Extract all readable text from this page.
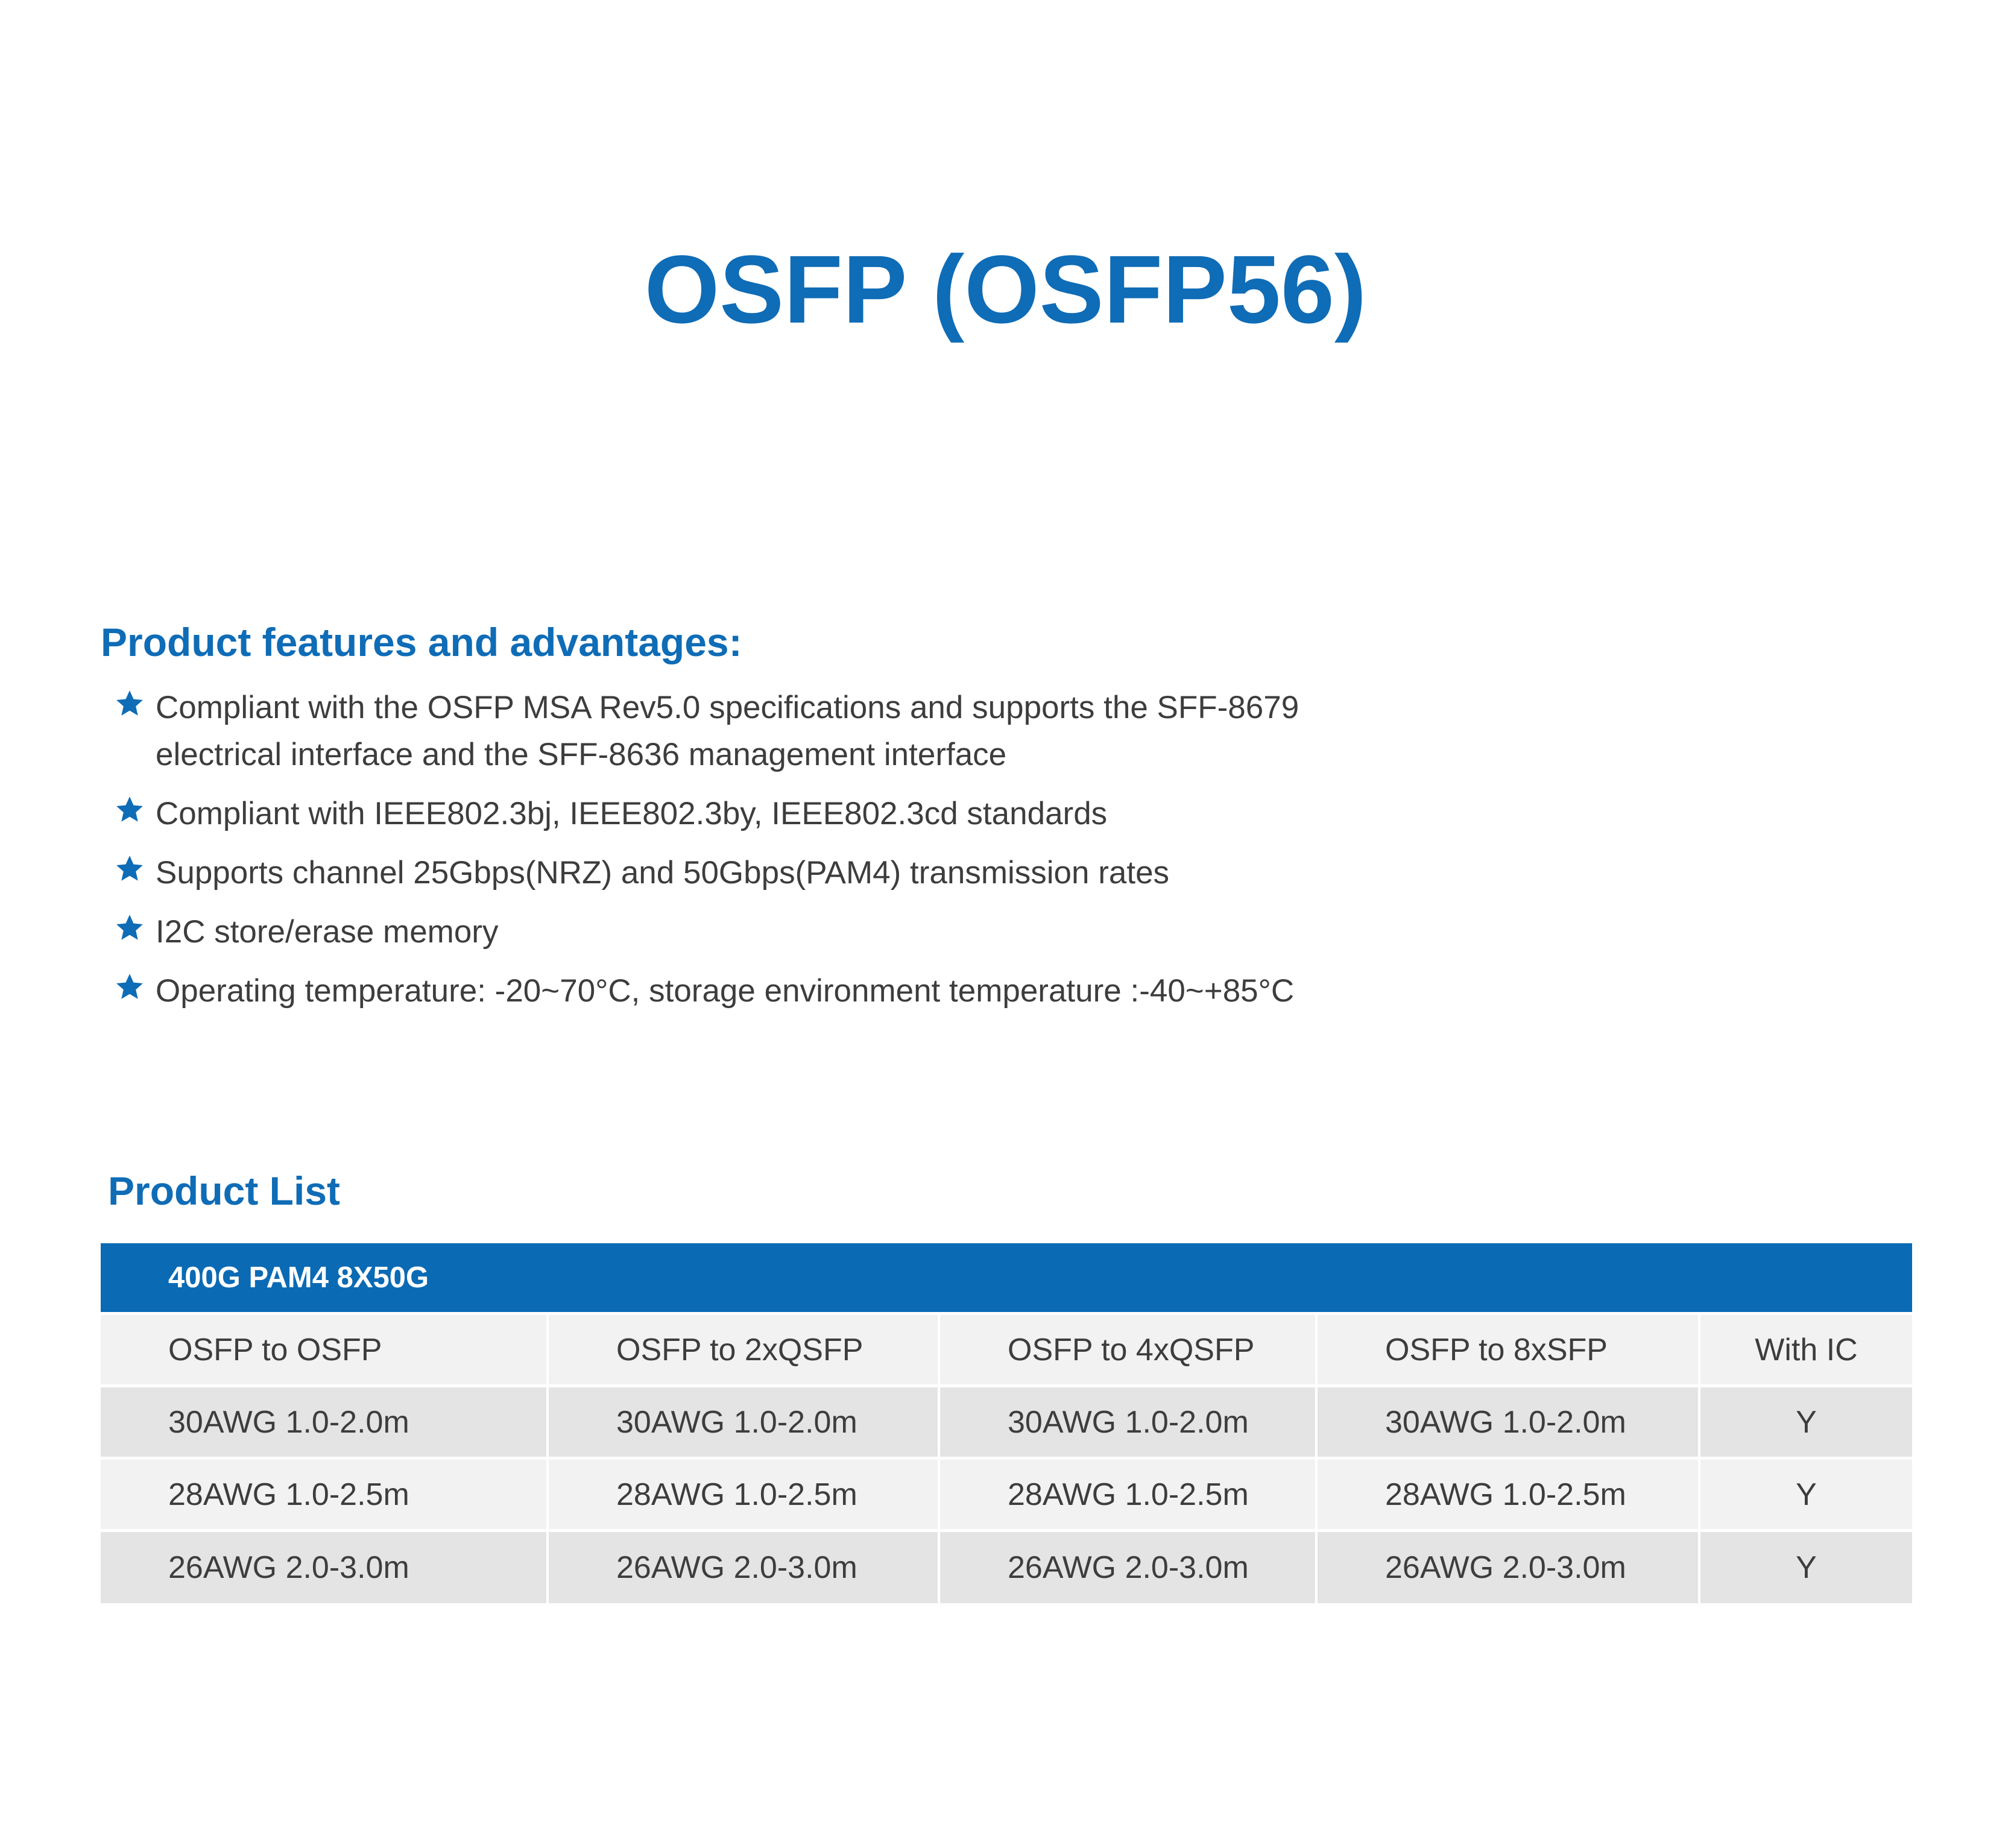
OSFP (OSFP56)
Product features and advantages:
Compliant with the OSFP MSA Rev5.0 specifications and supports the SFF-8679
electrical interface and the SFF-8636 management interface
Compliant with IEEE802.3bj, IEEE802.3by, IEEE802.3cd standards
Supports channel 25Gbps(NRZ) and 50Gbps(PAM4) transmission rates
I2C store/erase memory
Operating temperature: -20~70°C, storage environment temperature :-40~+85°C
Product List
400G PAM4 8X50G
OSFP to OSFP	OSFP to 2xQSFP	OSFP to 4xQSFP	OSFP to 8xSFP	With IC
30AWG 1.0-2.0m	30AWG 1.0-2.0m	30AWG 1.0-2.0m	30AWG 1.0-2.0m	Y
28AWG 1.0-2.5m	28AWG 1.0-2.5m	28AWG 1.0-2.5m	28AWG 1.0-2.5m	Y
26AWG 2.0-3.0m	26AWG 2.0-3.0m	26AWG 2.0-3.0m	26AWG 2.0-3.0m	Y
